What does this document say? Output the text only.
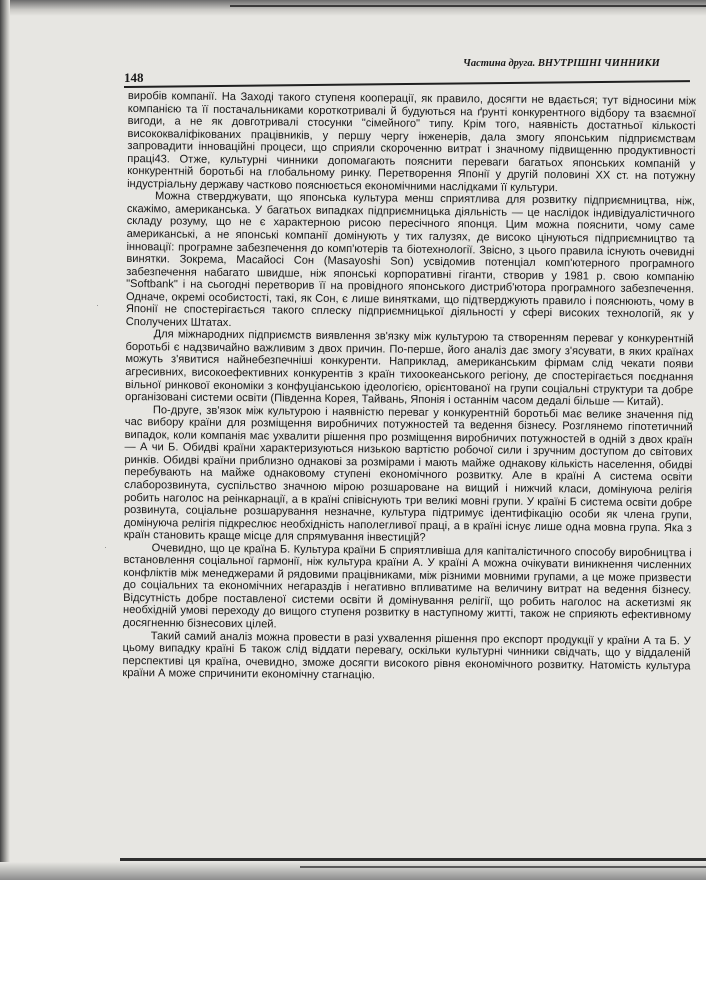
Частина друга. ВНУТРІШНІ ЧИННИКИ
148

виробів компанії. На Заході такого ступеня кооперації, як правило, досягти не вдається; тут відносини між компанією та її постачальниками короткотривалі й будуються на ґрунті конкурентного відбору та взаємної вигоди, а не як довготривалі стосунки "сімейного" типу. Крім того, наявність достатньої кількості висококваліфікованих працівників, у першу чергу інженерів, дала змогу японським підприємствам запровадити інноваційні процеси, що сприяли скороченню витрат і значному підвищенню продуктивності праці43. Отже, культурні чинники допомагають пояснити переваги багатьох японських компаній у конкурентній боротьбі на глобальному ринку. Перетворення Японії у другій половині XX ст. на потужну індустріальну державу частково пояснюється економічними наслідками її культури.

Можна стверджувати, що японська культура менш сприятлива для розвитку підприємництва, ніж, скажімо, американська. У багатьох випадках підприємницька діяльність — це наслідок індивідуалістичного складу розуму, що не є характерною рисою пересічного японця. Цим можна пояснити, чому саме американські, а не японські компанії домінують у тих галузях, де високо цінуються підприємництво та інновації: програмне забезпечення до комп'ютерів та біотехнології. Звісно, з цього правила існують очевидні винятки. Зокрема, Масайосі Сон (Masayoshi Son) усвідомив потенціал комп'ютерного програмного забезпечення набагато швидше, ніж японські корпоративні гіганти, створив у 1981 р. свою компанію "Softbank" і на сьогодні перетворив її на провідного японського дистриб'ютора програмного забезпечення. Одначе, окремі особистості, такі, як Сон, є лише винятками, що підтверджують правило і пояснюють, чому в Японії не спостерігається такого сплеску підприємницької діяльності у сфері високих технологій, як у Сполучених Штатах.

Для міжнародних підприємств виявлення зв'язку між культурою та створенням переваг у конкурентній боротьбі є надзвичайно важливим з двох причин. По-перше, його аналіз дає змогу з'ясувати, в яких країнах можуть з'явитися найнебезпечніші конкуренти. Наприклад, американським фірмам слід чекати появи агресивних, високоефективних конкурентів з країн тихоокеанського регіону, де спостерігається поєднання вільної ринкової економіки з конфуціанською ідеологією, орієнтованої на групи соціальні структури та добре організовані системи освіти (Південна Корея, Тайвань, Японія і останнім часом дедалі більше — Китай).

По-друге, зв'язок між культурою і наявністю переваг у конкурентній боротьбі має велике значення під час вибору країни для розміщення виробничих потужностей та ведення бізнесу. Розглянемо гіпотетичний випадок, коли компанія має ухвалити рішення про розміщення виробничих потужностей в одній з двох країн — А чи Б. Обидві країни характеризуються низькою вартістю робочої сили і зручним доступом до світових ринків. Обидві країни приблизно однакові за розмірами і мають майже однакову кількість населення, обидві перебувають на майже однаковому ступені економічного розвитку. Але в країні А система освіти слаборозвинута, суспільство значною мірою розшароване на вищий і нижчий класи, домінуюча релігія робить наголос на реінкарнації, а в країні співіснують три великі мовні групи. У країні Б система освіти добре розвинута, соціальне розшарування незначне, культура підтримує ідентифікацію особи як члена групи, домінуюча релігія підкреслює необхідність наполегливої праці, а в країні існує лише одна мовна група. Яка з країн становить краще місце для спрямування інвестицій?

Очевидно, що це країна Б. Культура країни Б сприятливіша для капіталістичного способу виробництва і встановлення соціальної гармонії, ніж культура країни А. У країні А можна очікувати виникнення численних конфліктів між менеджерами й рядовими працівниками, між різними мовними групами, а це може призвести до соціальних та економічних негараздів і негативно впливатиме на величину витрат на ведення бізнесу. Відсутність добре поставленої системи освіти й домінування релігії, що робить наголос на аскетизмі як необхідній умові переходу до вищого ступеня розвитку в наступному житті, також не сприяють ефективному досягненню бізнесових цілей.

Такий самий аналіз можна провести в разі ухвалення рішення про експорт продукції у країни А та Б. У цьому випадку країні Б також слід віддати перевагу, оскільки культурні чинники свідчать, що у віддаленій перспективі ця країна, очевидно, зможе досягти високого рівня економічного розвитку. Натомість культура країни А може спричинити економічну стагнацію.

·
·
